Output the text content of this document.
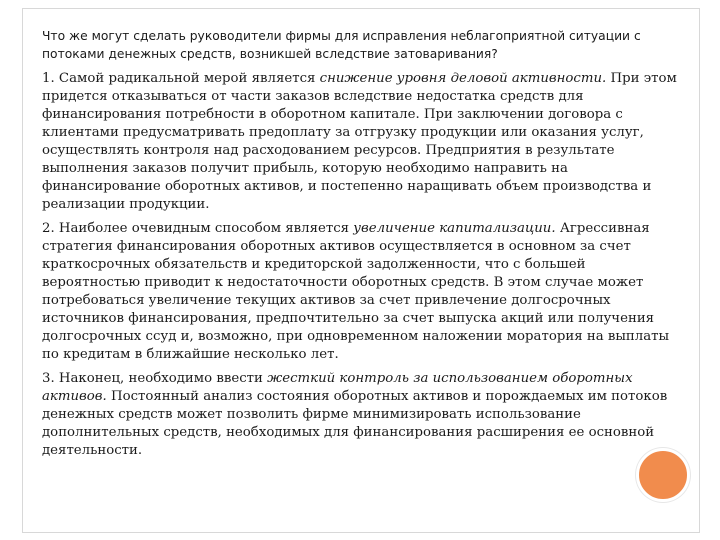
Что же могут сделать руководители фирмы для исправления неблагоприятной ситуации с потоками денежных средств, возникшей вследствие затоваривания?

1. Самой радикальной мерой является снижение уровня деловой активности. При этом придется отказываться от части заказов вследствие недостатка средств для финансирования потребности в оборотном капитале. При заключении договора с клиентами предусматривать предоплату за отгрузку продукции или оказания услуг, осуществлять контроля над расходованием ресурсов. Предприятия в результате выполнения заказов получит прибыль, которую необходимо направить на финансирование оборотных активов, и постепенно наращивать объем производства и реализации продукции.

2. Наиболее очевидным способом является увеличение капитализации. Агрессивная стратегия финансирования оборотных активов осуществляется в основном за счет краткосрочных обязательств и кредиторской задолженности, что с большей вероятностью приводит к недостаточности оборотных средств. В этом случае может потребоваться увеличение текущих активов за счет привлечение долгосрочных источников финансирования, предпочтительно за счет выпуска акций или получения долгосрочных ссуд и, возможно, при одновременном наложении моратория на выплаты по кредитам в ближайшие несколько лет.

3. Наконец, необходимо ввести жесткий контроль за использованием оборотных активов. Постоянный анализ состояния оборотных активов и порождаемых им потоков денежных средств может позволить фирме минимизировать использование дополнительных средств, необходимых для финансирования расширения ее основной деятельности.
